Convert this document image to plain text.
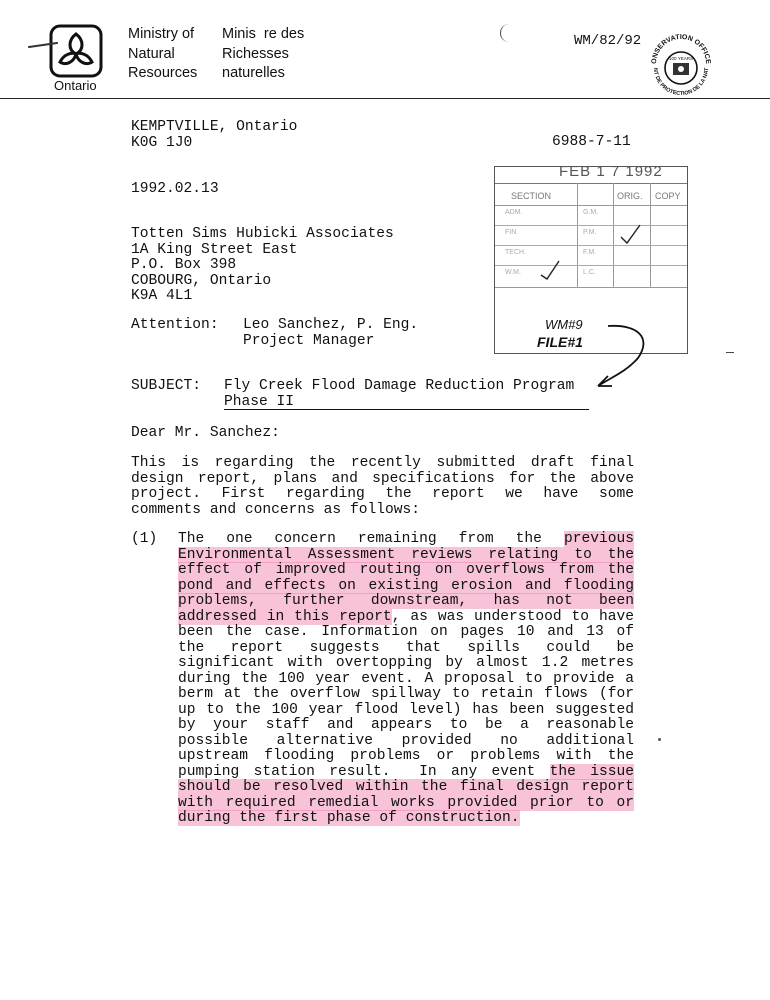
Ontario
Ministry of
Natural
Resources
Minis  re des
Richesses
naturelles
WM/82/92
ONSERVATION OFFICE
NT DE PROTECTION DE LA NAT
100 YEARS
KEMPTVILLE, Ontario
K0G 1J0	6988-7-11
1992.02.13
FEB 1 7 1992
SECTION	ORIG. COPY
ADM.
FIN.
TECH.
W.M.
G.M.
P.M.
F.M.
L.C.
WM#9
FILE#1
Totten Sims Hubicki Associates
1A King Street East
P.O. Box 398
COBOURG, Ontario
K9A 4L1
Attention: Leo Sanchez, P. Eng.
Project Manager
SUBJECT: Fly Creek Flood Damage Reduction Program
Phase II
Dear Mr. Sanchez:
This is regarding the recently submitted draft final
design report, plans and specifications for the above
project. First regarding the report we have some
comments and concerns as follows:
(1) The one concern remaining from the previous
Environmental Assessment reviews relating to the
effect of improved routing on overflows from the
pond and effects on existing erosion and flooding
problems, further downstream, has not been
addressed in this report, as was understood to have
been the case. Information on pages 10 and 13 of
the report suggests that spills could be
significant with overtopping by almost 1.2 metres
during the 100 year event. A proposal to provide a
berm at the overflow spillway to retain flows (for
up to the 100 year flood level) has been suggested
by your staff and appears to be a reasonable
possible alternative provided no additional
upstream flooding problems or problems with the
pumping station result.  In any event the issue
should be resolved within the final design report
with required remedial works provided prior to or
during the first phase of construction.
